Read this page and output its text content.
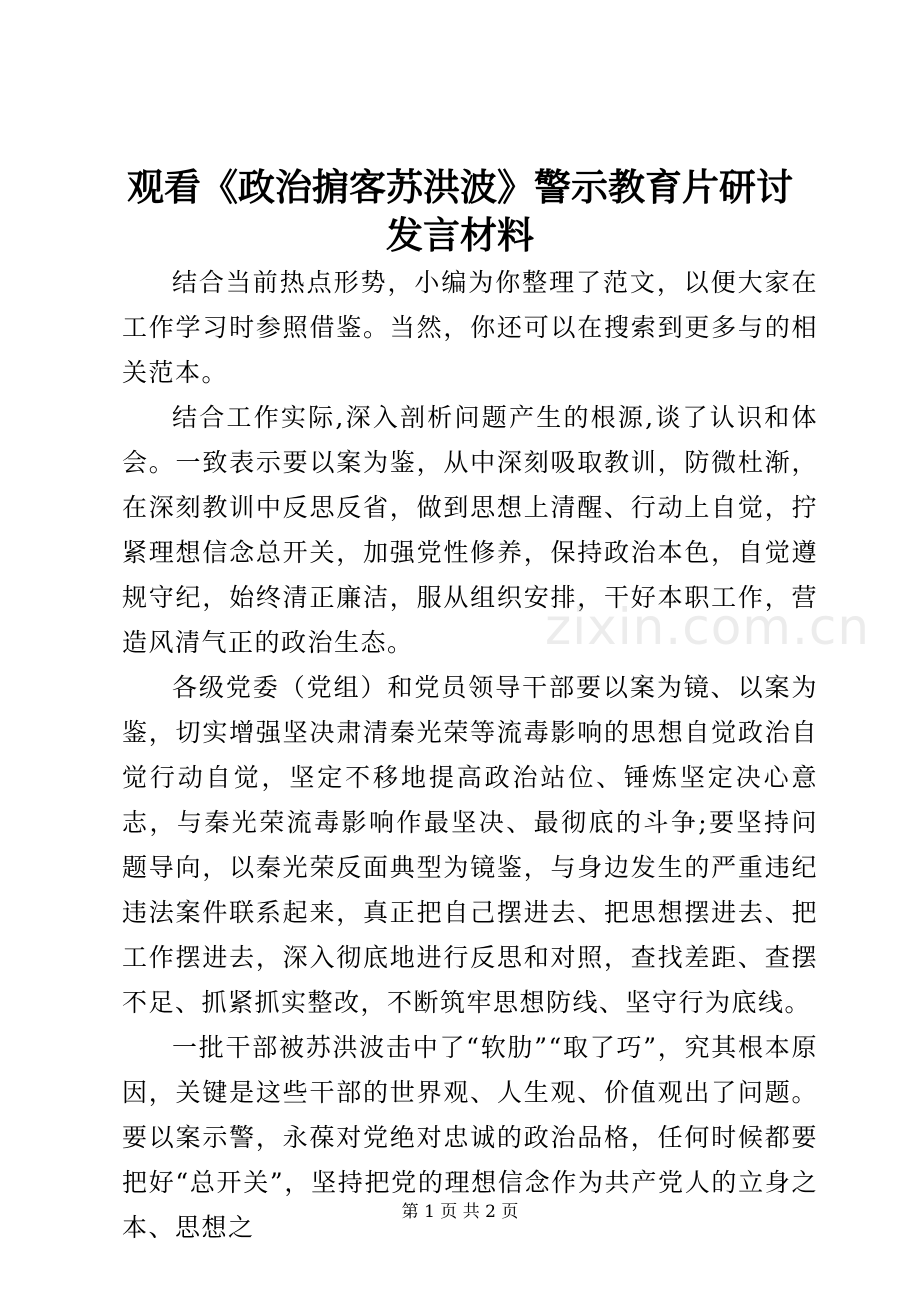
观看《政治掮客苏洪波》警示教育片研讨发言材料

结合当前热点形势，小编为你整理了范文，以便大家在工作学习时参照借鉴。当然，你还可以在搜索到更多与的相关范本。

结合工作实际,深入剖析问题产生的根源,谈了认识和体会。一致表示要以案为鉴，从中深刻吸取教训，防微杜渐，在深刻教训中反思反省，做到思想上清醒、行动上自觉，拧紧理想信念总开关，加强党性修养，保持政治本色，自觉遵规守纪，始终清正廉洁，服从组织安排，干好本职工作，营造风清气正的政治生态。

各级党委（党组）和党员领导干部要以案为镜、以案为鉴，切实增强坚决肃清秦光荣等流毒影响的思想自觉政治自觉行动自觉，坚定不移地提高政治站位、锤炼坚定决心意志，与秦光荣流毒影响作最坚决、最彻底的斗争;要坚持问题导向，以秦光荣反面典型为镜鉴，与身边发生的严重违纪违法案件联系起来，真正把自己摆进去、把思想摆进去、把工作摆进去，深入彻底地进行反思和对照，查找差距、查摆不足、抓紧抓实整改，不断筑牢思想防线、坚守行为底线。

一批干部被苏洪波击中了“软肋”“取了巧”，究其根本原因，关键是这些干部的世界观、人生观、价值观出了问题。要以案示警，永葆对党绝对忠诚的政治品格，任何时候都要把好“总开关”，坚持把党的理想信念作为共产党人的立身之本、思想之

zixin.com.cn

第 1 页 共 2 页
